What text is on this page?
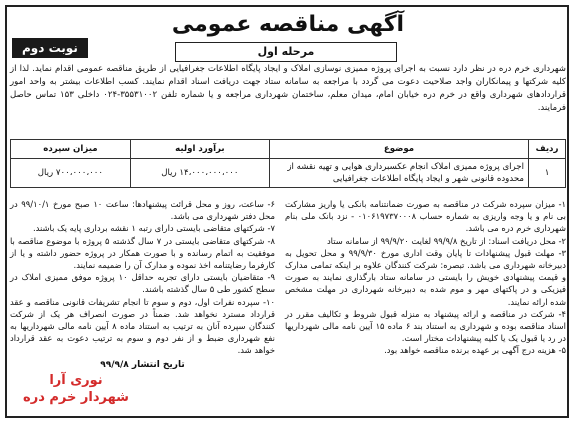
آگهی مناقصه عمومی
نوبت دوم	مرحله اول
شهرداری خرم دره در نظر دارد نسبت به اجرای پروژه ممیزی نوسازی املاک و ایجاد پایگاه اطلاعات جغرافیایی از طریق مناقصه عمومی اقدام نماید. لذا از کلیه شرکتها و پیمانکاران واجد صلاحیت دعوت می گردد با مراجعه به سامانه ستاد جهت دریافت اسناد اقدام نمایند. کسب اطلاعات بیشتر به واحد امور قراردادهای شهرداری واقع در خرم دره خیابان امام، میدان معلم، ساختمان شهرداری مراجعه و یا شماره تلفن ۳۵۵۳۱۰۰۲-۰۲۴ داخلی ۱۵۳ تماس حاصل فرمایند.
ردیف	موضوع	برآورد اولیه	میزان سپرده
۱	اجرای پروژه ممیزی املاک انجام عکسبرداری هوایی و تهیه نقشه از محدوده قانونی شهر و ایجاد پایگاه اطلاعات جغرافیایی	۱۴،۰۰۰،۰۰۰،۰۰۰ ریال	۷۰۰،۰۰۰،۰۰۰ ریال

۱- میزان سپرده شرکت در مناقصه به صورت ضمانتنامه بانکی یا واریز مشارکت بی نام و یا وجه واریزی به شماره حساب ۰۱۰۶۱۹۷۳۷۰۰۰۸ - نزد بانک ملی بنام شهرداری خرم دره می باشد.

۲- محل دریافت اسناد: از تاریخ ۹۹/۹/۸ لغایت ۹۹/۹/۲۰ از سامانه ستاد

۳- مهلت قبول پیشنهادات تا پایان وقت اداری مورخ ۹۹/۹/۳۰ و محل تحویل به دبیرخانه شهرداری می باشد. تبصره: شرکت کنندگان علاوه بر اینکه تمامی مدارک و قیمت پیشنهادی خویش را بایستی در سامانه ستاد بارگذاری نمایند به صورت فیزیکی و در پاکتهای مهر و موم شده به دبیرخانه شهرداری در مهلت مشخص شده ارائه نمایند.

۴- شرکت در مناقصه و ارائه پیشنهاد به منزله قبول شروط و تکالیف مقرر در اسناد مناقصه بوده و شهرداری به استناد بند ۶ ماده ۱۵ آیین نامه مالی شهرداریها در رد یا قبول یک یا کلیه پیشنهادات مختار است.

۵- هزینه درج آگهی بر عهده برنده مناقصه خواهد بود.

۶- ساعت، روز و محل قرائت پیشنهادها: ساعت ۱۰ صبح مورخ ۹۹/۱۰/۱ در محل دفتر شهرداری می باشد.

۷- شرکتهای متقاضی بایستی دارای رتبه ۱ نقشه برداری پایه یک باشند.

۸- شرکتهای متقاضی بایستی در ۷ سال گذشته ۵ پروژه با موضوع مناقصه با موفقیت به اتمام رسانده و با صورت همکار در پروژه حضور داشته و یا از کارفرما رضایتنامه اخذ نموده و مدارک آن را ضمیمه نمایند.

۹- متقاضیان بایستی دارای تجربه حداقل ۱۰ پروژه موفق ممیزی املاک در سطح کشور طی ۵ سال گذشته باشند.

۱۰- سپرده نفرات اول، دوم و سوم تا انجام تشریفات قانونی مناقصه و عقد قرارداد مسترد نخواهد شد. ضمناً در صورت انصراف هر یک از شرکت کنندگان سپرده آنان به ترتیب به استناد ماده ۸ آیین نامه مالی شهرداریها به نفع شهرداری ضبط و از نفر دوم و سوم به ترتیب دعوت به عقد قرارداد خواهد شد.

تاریخ انتشار ۹۹/۹/۸

نوری آرا
شهردار خرم دره
